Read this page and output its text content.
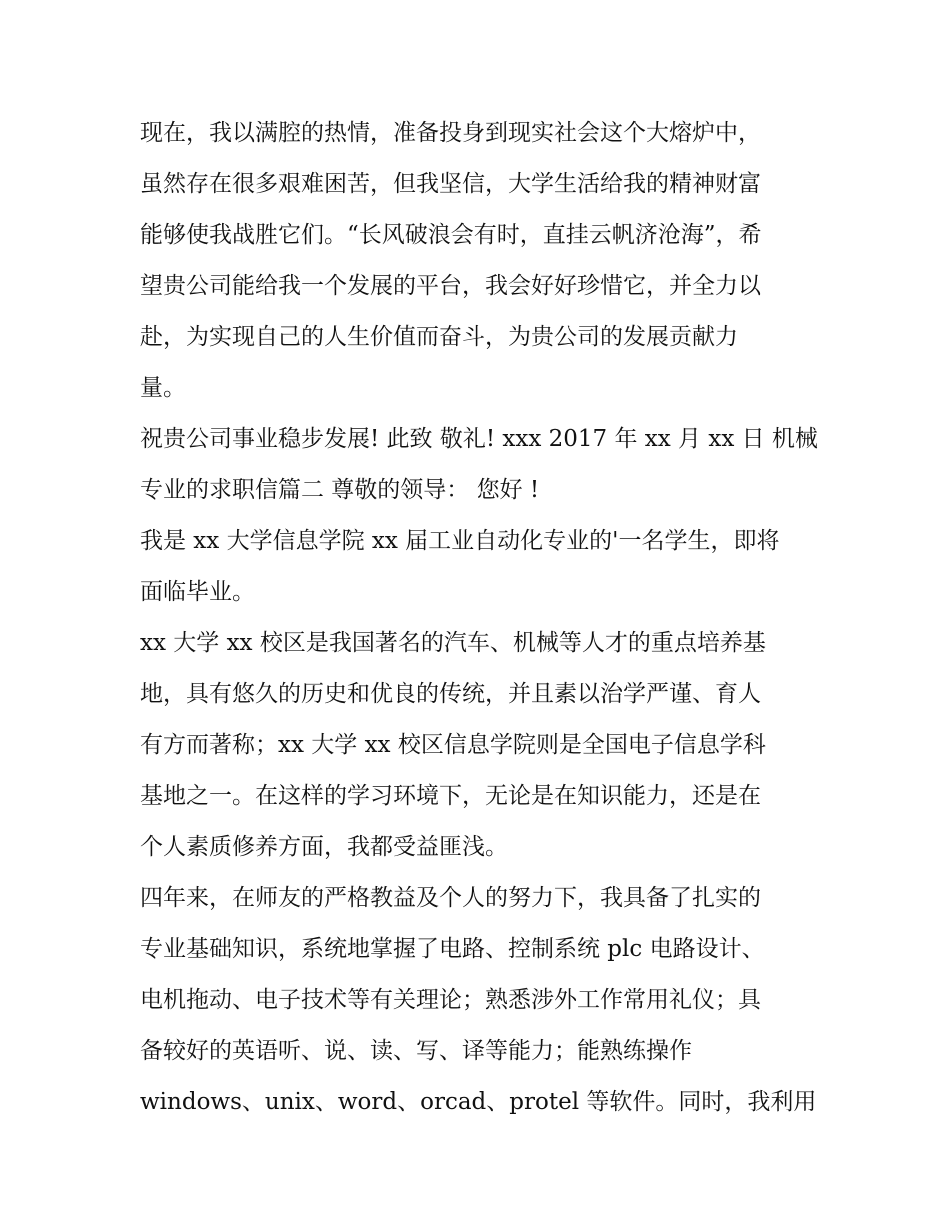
现在，我以满腔的热情，准备投身到现实社会这个大熔炉中，
虽然存在很多艰难困苦，但我坚信，大学生活给我的精神财富
能够使我战胜它们。“长风破浪会有时，直挂云帆济沧海”，希
望贵公司能给我一个发展的平台，我会好好珍惜它，并全力以
赴，为实现自己的人生价值而奋斗，为贵公司的发展贡献力
量。
祝贵公司事业稳步发展! 此致 敬礼! xxx 2017 年 xx 月 xx 日 机械
专业的求职信篇二 尊敬的领导： 您好 !
我是 xx 大学信息学院 xx 届工业自动化专业的'一名学生，即将
面临毕业。
xx 大学 xx 校区是我国著名的汽车、机械等人才的重点培养基
地，具有悠久的历史和优良的传统，并且素以治学严谨、育人
有方而著称；xx 大学 xx 校区信息学院则是全国电子信息学科
基地之一。在这样的学习环境下，无论是在知识能力，还是在
个人素质修养方面，我都受益匪浅。
四年来，在师友的严格教益及个人的努力下，我具备了扎实的
专业基础知识，系统地掌握了电路、控制系统 plc 电路设计、
电机拖动、电子技术等有关理论；熟悉涉外工作常用礼仪；具
备较好的英语听、说、读、写、译等能力；能熟练操作
windows、unix、word、orcad、protel 等软件。同时，我利用
